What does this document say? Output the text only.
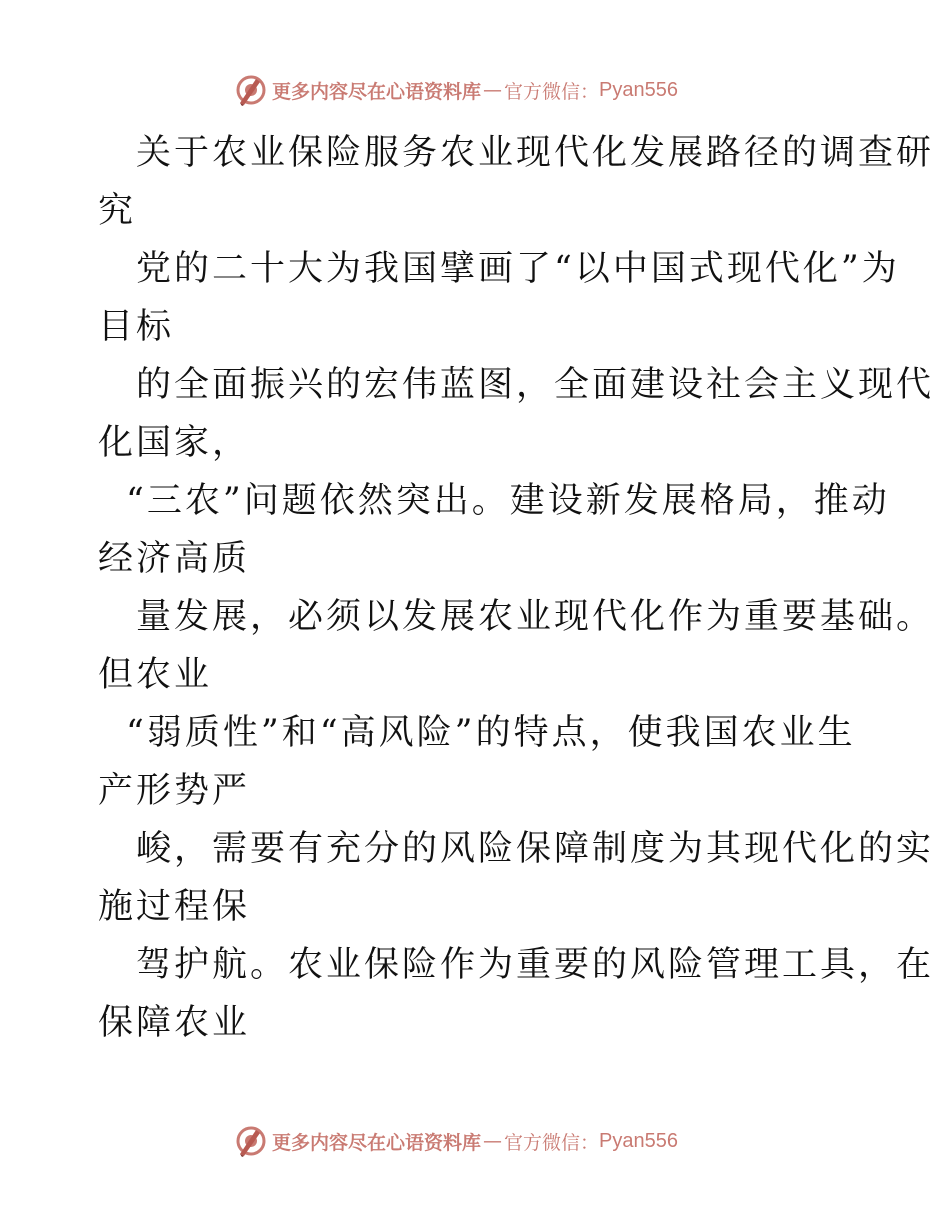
更多内容尽在心语资料库 — 官方微信： Pyan556
关于农业保险服务农业现代化发展路径的调查研
究
党的二十大为我国擘画了“以中国式现代化”为
目标
的全面振兴的宏伟蓝图，全面建设社会主义现代
化国家，
“三农”问题依然突出。建设新发展格局，推动
经济高质
量发展，必须以发展农业现代化作为重要基础。
但农业
“弱质性”和“高风险”的特点，使我国农业生
产形势严
峻，需要有充分的风险保障制度为其现代化的实
施过程保
驾护航。农业保险作为重要的风险管理工具，在
保障农业
更多内容尽在心语资料库 — 官方微信： Pyan556
